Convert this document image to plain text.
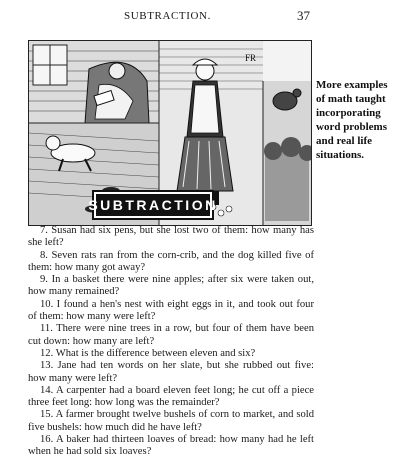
SUBTRACTION.	37
FR
SUBTRACTION
More examples of math taught incorporating word problems and real life situations.

7. Susan had six pens, but she lost two of them: how many has she left?

8. Seven rats ran from the corn-crib, and the dog killed five of them: how many got away?

9. In a basket there were nine apples; after six were taken out, how many remained?

10. I found a hen's nest with eight eggs in it, and took out four of them: how many were left?

11. There were nine trees in a row, but four of them have been cut down: how many are left?

12. What is the difference between eleven and six?

13. Jane had ten words on her slate, but she rubbed out five: how many were left?

14. A carpenter had a board eleven feet long; he cut off a piece three feet long: how long was the remainder?

15. A farmer brought twelve bushels of corn to market, and sold five bushels: how much did he have left?

16. A baker had thirteen loaves of bread: how many had he left when he had sold six loaves?
